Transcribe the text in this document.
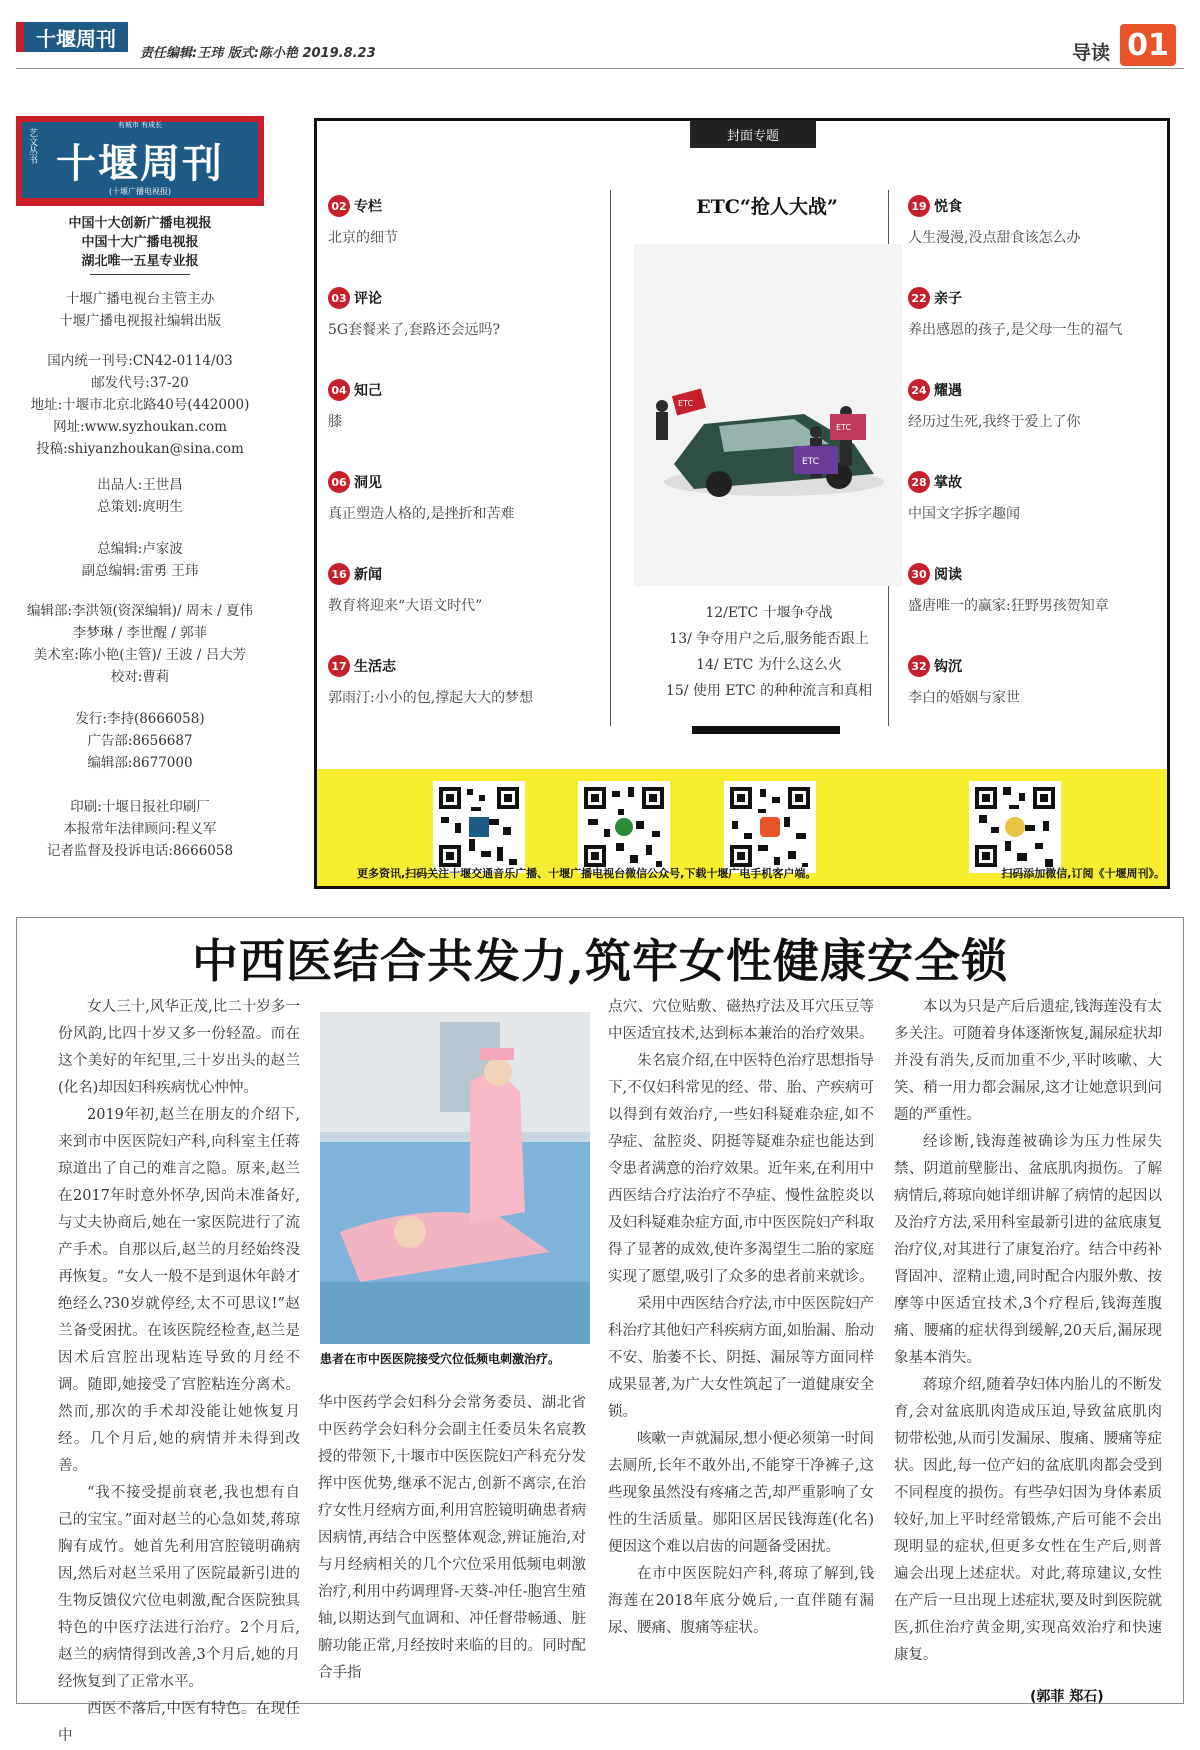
十堰周刊
责任编辑:王玮 版式:陈小艳 2019.8.23	导读 01
有城市 有成长
艺文丛书 十堰周刊
(十堰广播电视报)
中国十大创新广播电视报
中国十大广播电视报
湖北唯一五星专业报
十堰广播电视台主管主办
十堰广播电视报社编辑出版
国内统一刊号:CN42-0114/03
邮发代号:37-20
地址:十堰市北京北路40号(442000)
网址:www.syzhoukan.com
投稿:shiyanzhoukan@sina.com
出品人:王世昌
总策划:庹明生
总编辑:卢家波
副总编辑:雷勇 王玮
编辑部:李洪领(资深编辑)/ 周末 / 夏伟
李梦琳 / 李世醒 / 郭菲
美术室:陈小艳(主管)/ 王波 / 吕大芳
校对:曹莉
发行:李持(8666058)
广告部:8656687
编辑部:8677000
印刷:十堰日报社印刷厂
本报常年法律顾问:程义军
记者监督及投诉电话:8666058
封面专题
02 专栏
北京的细节
03 评论
5G套餐来了,套路还会远吗?
04 知己
膝
06 洞见
真正塑造人格的,是挫折和苦难
16 新闻
教育将迎来“大语文时代”
17 生活志
郭雨汀:小小的包,撑起大大的梦想
19 悦食
人生漫漫,没点甜食该怎么办
22 亲子
养出感恩的孩子,是父母一生的福气
24 耀遇
经历过生死,我终于爱上了你
28 掌故
中国文字拆字趣闻
30 阅读
盛唐唯一的赢家:狂野男孩贺知章
32 钩沉
李白的婚姻与家世
ETC“抢人大战”
ETC
ETC
ETC
12/ETC 十堰争夺战
13/ 争夺用户之后,服务能否跟上
14/ ETC 为什么这么火
15/ 使用 ETC 的种种流言和真相
更多资讯,扫码关注十堰交通音乐广播、十堰广播电视台微信公众号,下载十堰广电手机客户端。	扫码添加微信,订阅《十堰周刊》。
中西医结合共发力,筑牢女性健康安全锁

女人三十,风华正茂,比二十岁多一份风韵,比四十岁又多一份轻盈。而在这个美好的年纪里,三十岁出头的赵兰(化名)却因妇科疾病忧心忡忡。

2019年初,赵兰在朋友的介绍下,来到市中医医院妇产科,向科室主任蒋琼道出了自己的难言之隐。原来,赵兰在2017年时意外怀孕,因尚未准备好,与丈夫协商后,她在一家医院进行了流产手术。自那以后,赵兰的月经始终没再恢复。“女人一般不是到退休年龄才绝经么?30岁就停经,太不可思议!”赵兰备受困扰。在该医院经检查,赵兰是因术后宫腔出现粘连导致的月经不调。随即,她接受了宫腔粘连分离术。然而,那次的手术却没能让她恢复月经。几个月后,她的病情并未得到改善。

“我不接受提前衰老,我也想有自己的宝宝。”面对赵兰的心急如焚,蒋琼胸有成竹。她首先利用宫腔镜明确病因,然后对赵兰采用了医院最新引进的生物反馈仪穴位电刺激,配合医院独具特色的中医疗法进行治疗。2个月后,赵兰的病情得到改善,3个月后,她的月经恢复到了正常水平。

西医不落后,中医有特色。在现任中

患者在市中医医院接受穴位低频电刺激治疗。

华中医药学会妇科分会常务委员、湖北省中医药学会妇科分会副主任委员朱名宸教授的带领下,十堰市中医医院妇产科充分发挥中医优势,继承不泥古,创新不离宗,在治疗女性月经病方面,利用宫腔镜明确患者病因病情,再结合中医整体观念,辨证施治,对与月经病相关的几个穴位采用低频电刺激治疗,利用中药调理肾-天葵-冲任-胞宫生殖轴,以期达到气血调和、冲任督带畅通、脏腑功能正常,月经按时来临的目的。同时配合手指

点穴、穴位贴敷、磁热疗法及耳穴压豆等中医适宜技术,达到标本兼治的治疗效果。

朱名宸介绍,在中医特色治疗思想指导下,不仅妇科常见的经、带、胎、产疾病可以得到有效治疗,一些妇科疑难杂症,如不孕症、盆腔炎、阴挺等疑难杂症也能达到令患者满意的治疗效果。近年来,在利用中西医结合疗法治疗不孕症、慢性盆腔炎以及妇科疑难杂症方面,市中医医院妇产科取得了显著的成效,使许多渴望生二胎的家庭实现了愿望,吸引了众多的患者前来就诊。

采用中西医结合疗法,市中医医院妇产科治疗其他妇产科疾病方面,如胎漏、胎动不安、胎萎不长、阴挺、漏尿等方面同样成果显著,为广大女性筑起了一道健康安全锁。

咳嗽一声就漏尿,想小便必须第一时间去厕所,长年不敢外出,不能穿干净裤子,这些现象虽然没有疼痛之苦,却严重影响了女性的生活质量。郧阳区居民钱海莲(化名)便因这个难以启齿的问题备受困扰。

在市中医医院妇产科,蒋琼了解到,钱海莲在2018年底分娩后,一直伴随有漏尿、腰痛、腹痛等症状。

本以为只是产后后遗症,钱海莲没有太多关注。可随着身体逐渐恢复,漏尿症状却并没有消失,反而加重不少,平时咳嗽、大笑、稍一用力都会漏尿,这才让她意识到问题的严重性。

经诊断,钱海莲被确诊为压力性尿失禁、阴道前壁膨出、盆底肌肉损伤。了解病情后,蒋琼向她详细讲解了病情的起因以及治疗方法,采用科室最新引进的盆底康复治疗仪,对其进行了康复治疗。结合中药补肾固冲、涩精止遗,同时配合内服外敷、按摩等中医适宜技术,3个疗程后,钱海莲腹痛、腰痛的症状得到缓解,20天后,漏尿现象基本消失。

蒋琼介绍,随着孕妇体内胎儿的不断发育,会对盆底肌肉造成压迫,导致盆底肌肉韧带松弛,从而引发漏尿、腹痛、腰痛等症状。因此,每一位产妇的盆底肌肉都会受到不同程度的损伤。有些孕妇因为身体素质较好,加上平时经常锻炼,产后可能不会出现明显的症状,但更多女性在生产后,则普遍会出现上述症状。对此,蒋琼建议,女性在产后一旦出现上述症状,要及时到医院就医,抓住治疗黄金期,实现高效治疗和快速康复。

(郭菲 郑石)
